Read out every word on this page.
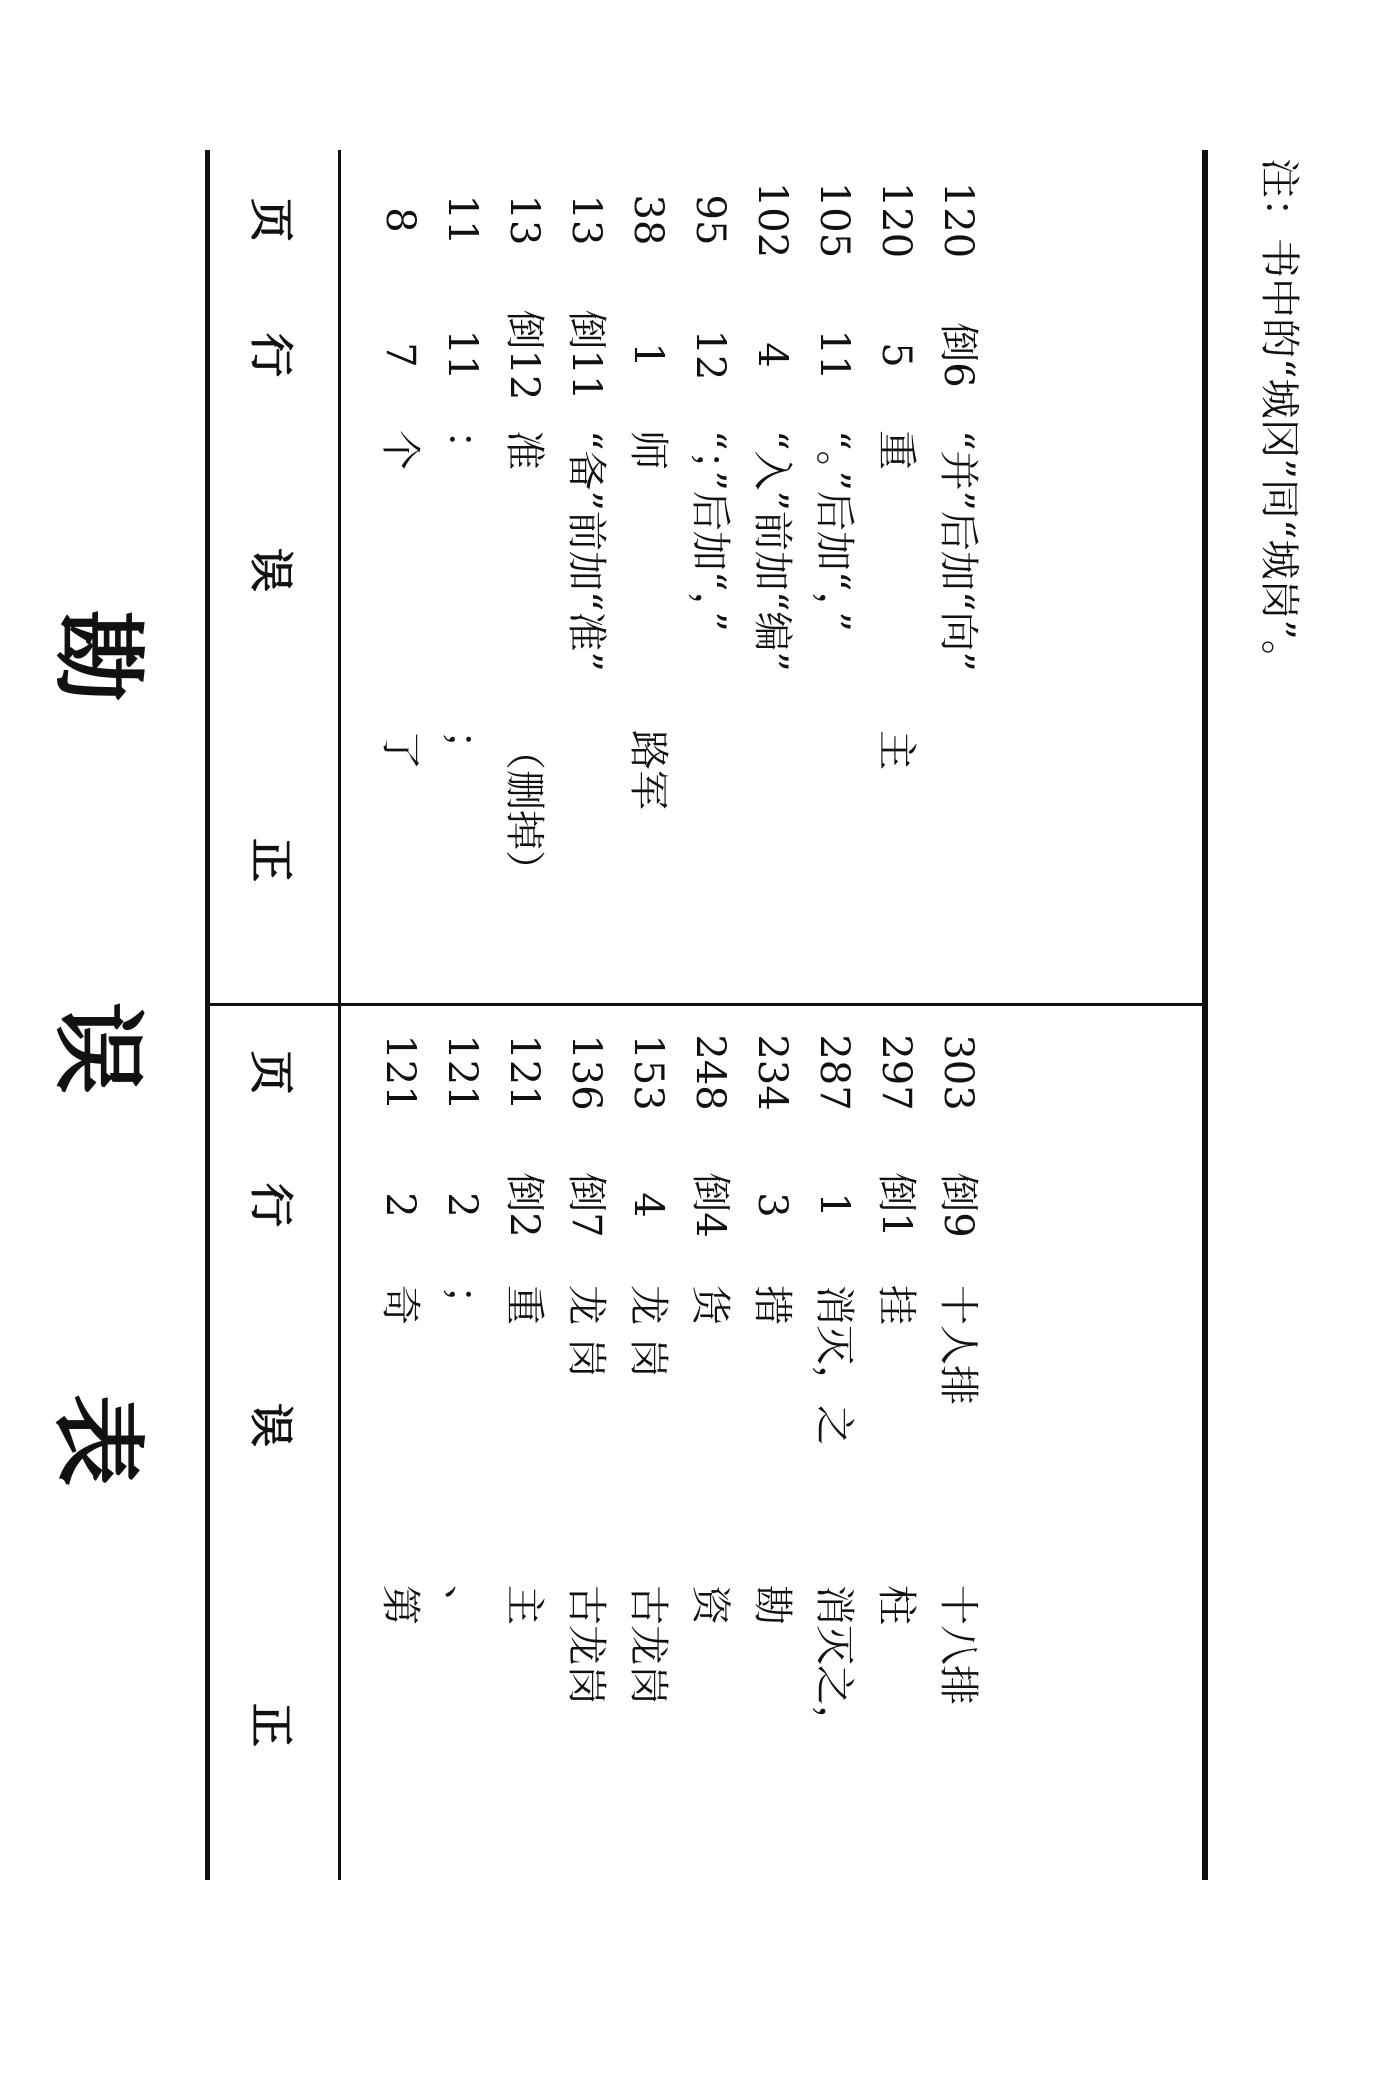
勘
误
表
页
行
误
正
8
7
个
了
11
11
：
；
13
倒12
准
（删掉）
13
倒11
“备”前加“准”
38
1
师
路军
95
12
“；”后加“，”
102
4
“入”前加“编”
105
11
“。”后加“，”
120
5
重
主
120
倒6
“并”后加“向”
页
行
误
正
121
2
奇
第
121
2
；
、
121
倒2
重
主
136
倒7
龙 岗
古龙岗
153
4
龙 岗
古龙岗
248
倒4
货
资
234
3
措
勘
287
1
消灭，之
消灭之，
297
倒1
挂
柱
303
倒9
十人排
十八排
注：书中的“城冈”同“城岗”。
